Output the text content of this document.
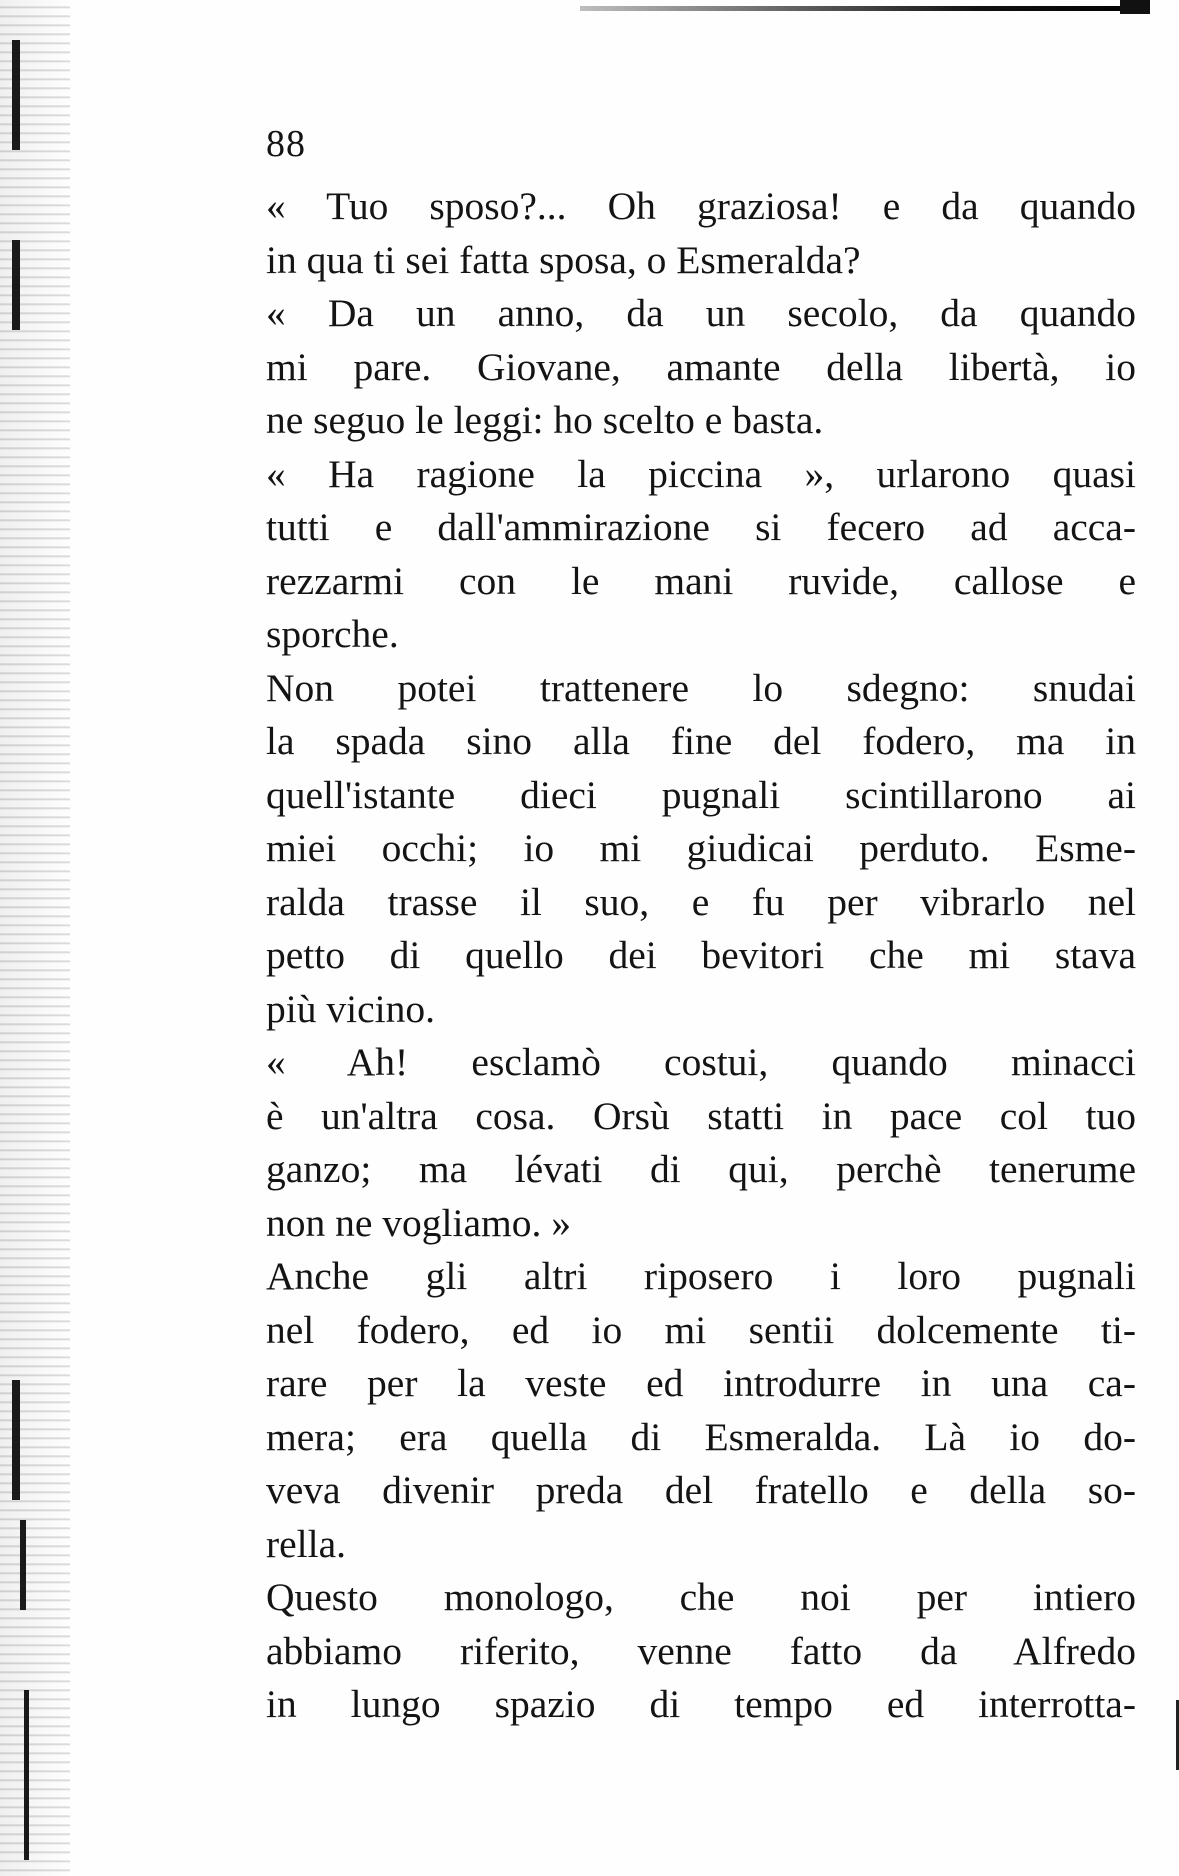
88
« Tuo sposo?... Oh graziosa! e da quando
in qua ti sei fatta sposa, o Esmeralda?
« Da un anno, da un secolo, da quando
mi pare. Giovane, amante della libertà, io
ne seguo le leggi: ho scelto e basta.
« Ha ragione la piccina », urlarono quasi
tutti e dall'ammirazione si fecero ad acca-
rezzarmi con le mani ruvide, callose e
sporche.
Non potei trattenere lo sdegno: snudai
la spada sino alla fine del fodero, ma in
quell'istante dieci pugnali scintillarono ai
miei occhi; io mi giudicai perduto. Esme-
ralda trasse il suo, e fu per vibrarlo nel
petto di quello dei bevitori che mi stava
più vicino.
« Ah! esclamò costui, quando minacci
è un'altra cosa. Orsù statti in pace col tuo
ganzo; ma lévati di qui, perchè tenerume
non ne vogliamo. »
Anche gli altri riposero i loro pugnali
nel fodero, ed io mi sentii dolcemente ti-
rare per la veste ed introdurre in una ca-
mera; era quella di Esmeralda. Là io do-
veva divenir preda del fratello e della so-
rella.
Questo monologo, che noi per intiero
abbiamo riferito, venne fatto da Alfredo
in lungo spazio di tempo ed interrotta-
